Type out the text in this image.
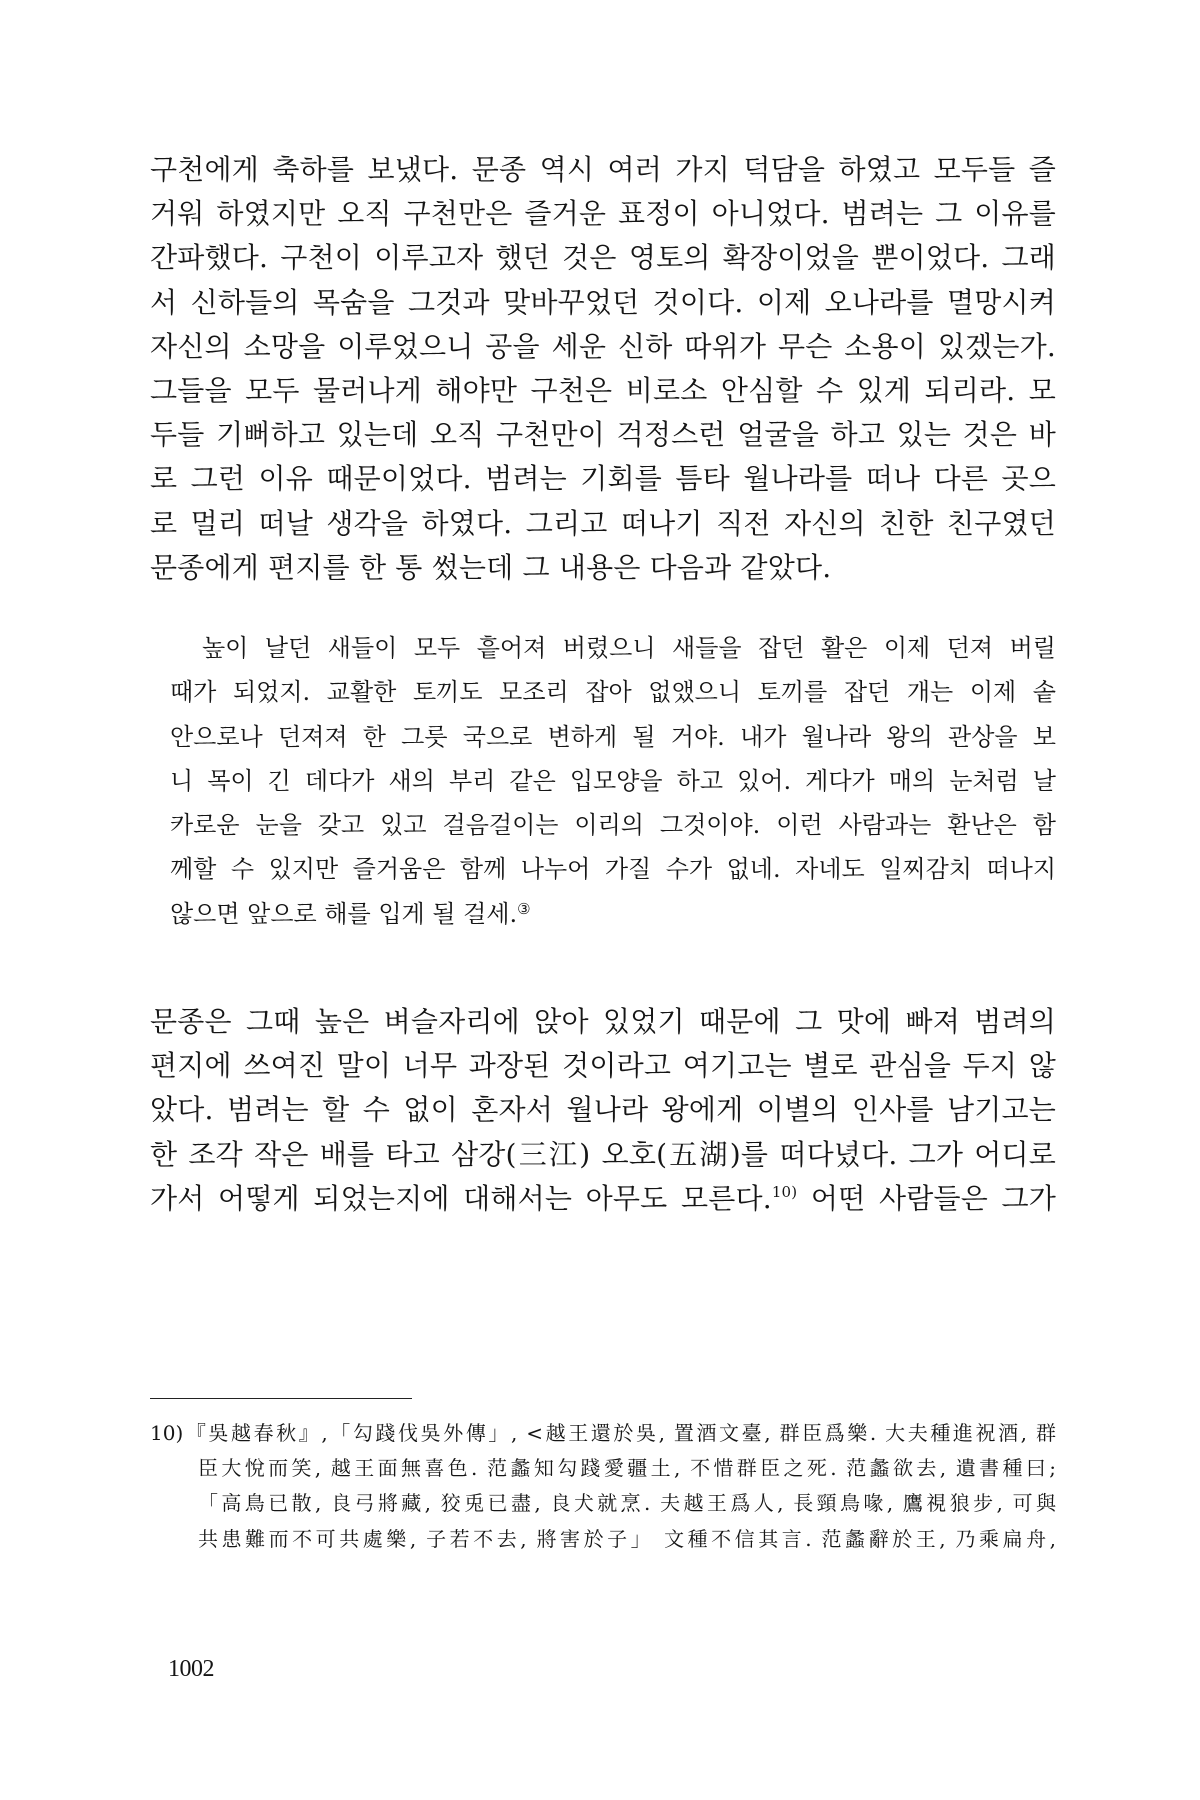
구천에게 축하를 보냈다. 문종 역시 여러 가지 덕담을 하였고 모두들 즐
거워 하였지만 오직 구천만은 즐거운 표정이 아니었다. 범려는 그 이유를
간파했다. 구천이 이루고자 했던 것은 영토의 확장이었을 뿐이었다. 그래
서 신하들의 목숨을 그것과 맞바꾸었던 것이다. 이제 오나라를 멸망시켜
자신의 소망을 이루었으니 공을 세운 신하 따위가 무슨 소용이 있겠는가.
그들을 모두 물러나게 해야만 구천은 비로소 안심할 수 있게 되리라. 모
두들 기뻐하고 있는데 오직 구천만이 걱정스런 얼굴을 하고 있는 것은 바
로 그런 이유 때문이었다. 범려는 기회를 틈타 월나라를 떠나 다른 곳으
로 멀리 떠날 생각을 하였다. 그리고 떠나기 직전 자신의 친한 친구였던
문종에게 편지를 한 통 썼는데 그 내용은 다음과 같았다.
높이 날던 새들이 모두 흩어져 버렸으니 새들을 잡던 활은 이제 던져 버릴
때가 되었지. 교활한 토끼도 모조리 잡아 없앴으니 토끼를 잡던 개는 이제 솥
안으로나 던져져 한 그릇 국으로 변하게 될 거야. 내가 월나라 왕의 관상을 보
니 목이 긴 데다가 새의 부리 같은 입모양을 하고 있어. 게다가 매의 눈처럼 날
카로운 눈을 갖고 있고 걸음걸이는 이리의 그것이야. 이런 사람과는 환난은 함
께할 수 있지만 즐거움은 함께 나누어 가질 수가 없네. 자네도 일찌감치 떠나지
않으면 앞으로 해를 입게 될 걸세.③
문종은 그때 높은 벼슬자리에 앉아 있었기 때문에 그 맛에 빠져 범려의
편지에 쓰여진 말이 너무 과장된 것이라고 여기고는 별로 관심을 두지 않
았다. 범려는 할 수 없이 혼자서 월나라 왕에게 이별의 인사를 남기고는
한 조각 작은 배를 타고 삼강(三江) 오호(五湖)를 떠다녔다. 그가 어디로
가서 어떻게 되었는지에 대해서는 아무도 모른다.$^{10)}$ 어떤 사람들은 그가
10)『吳越春秋』,「勾踐伐吳外傳」, <越王還於吳, 置酒文臺, 群臣爲樂. 大夫種進祝酒, 群
臣大悅而笑, 越王面無喜色. 范蠡知勾踐愛疆土, 不惜群臣之死. 范蠡欲去, 遺書種曰;
「高鳥已散, 良弓將藏, 狡兎已盡, 良犬就烹. 夫越王爲人, 長頸鳥喙, 鷹視狼步, 可與
共患難而不可共處樂, 子若不去, 將害於子」 文種不信其言. 范蠡辭於王, 乃乘扁舟,
1002
